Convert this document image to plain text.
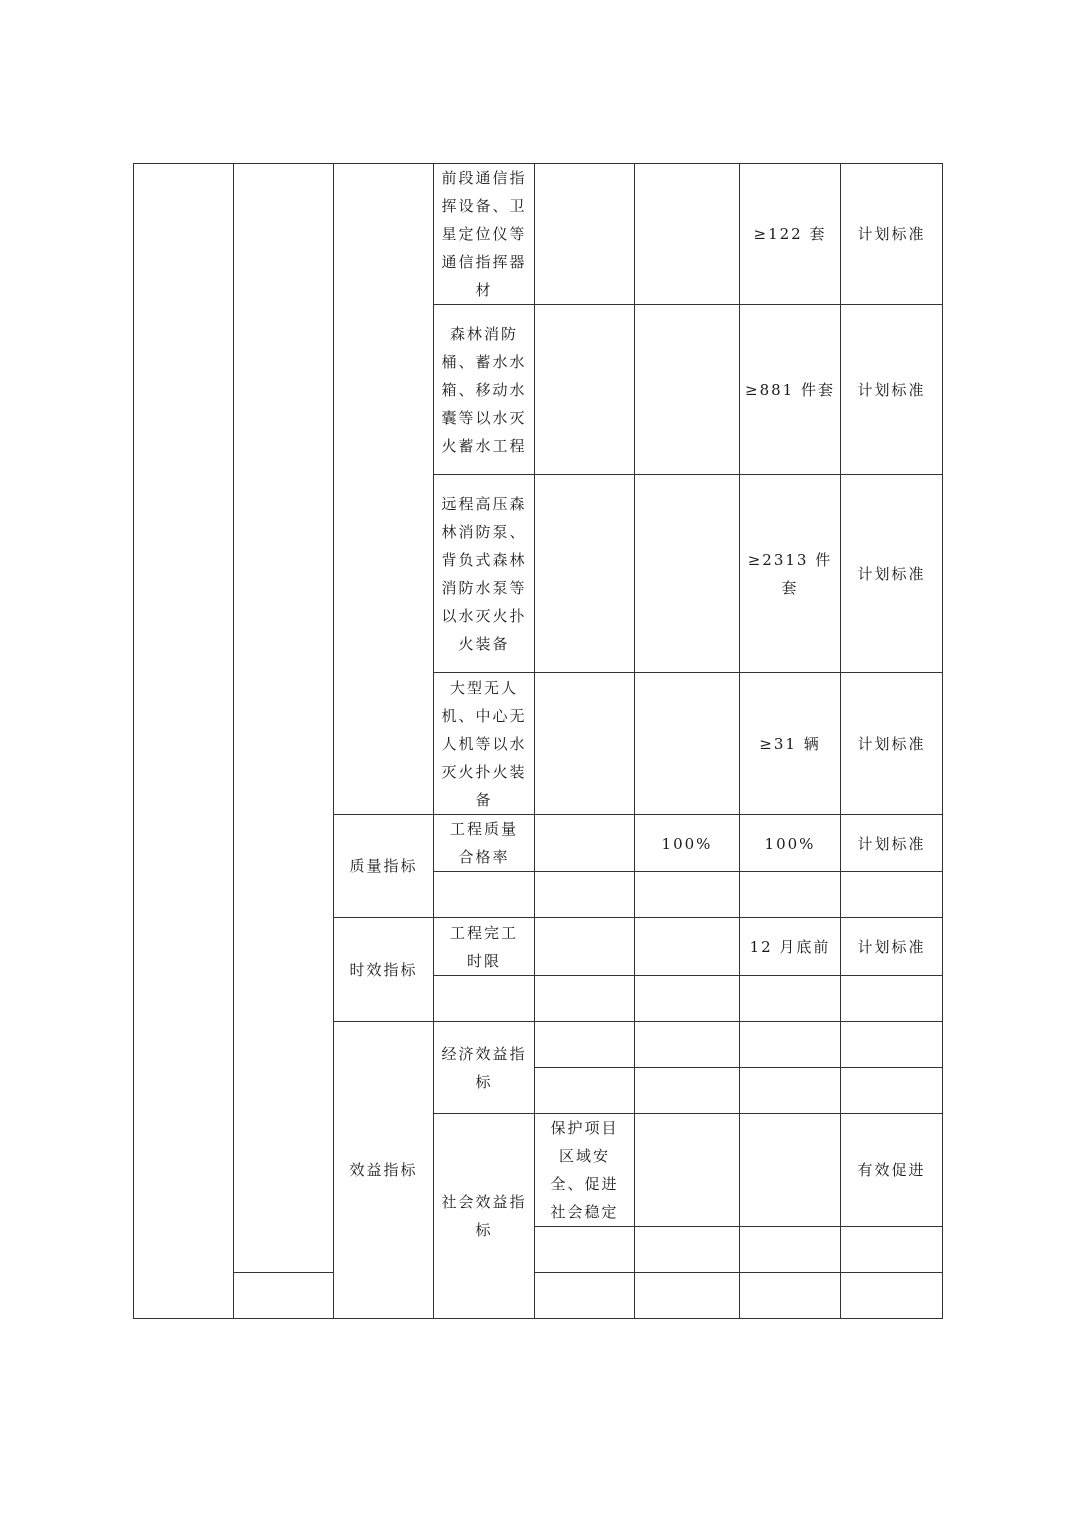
			前段通信指挥设备、卫星定位仪等通信指挥器材			≥122 套	计划标准	
			森林消防桶、蓄水水箱、移动水囊等以水灭火蓄水工程			≥881 件套	计划标准	
			远程高压森林消防泵、背负式森林消防水泵等以水灭火扑火装备			≥2313 件套	计划标准	
			大型无人机、中心无人机等以水灭火扑火装备			≥31 辆	计划标准	
		质量指标	工程质量合格率		100%	100%	计划标准	

		时效指标	工程完工时限			12 月底前	计划标准	

		效益指标	经济效益指标					

			社会效益指标	保护项目区域安全、促进社会稳定			有效促进	
